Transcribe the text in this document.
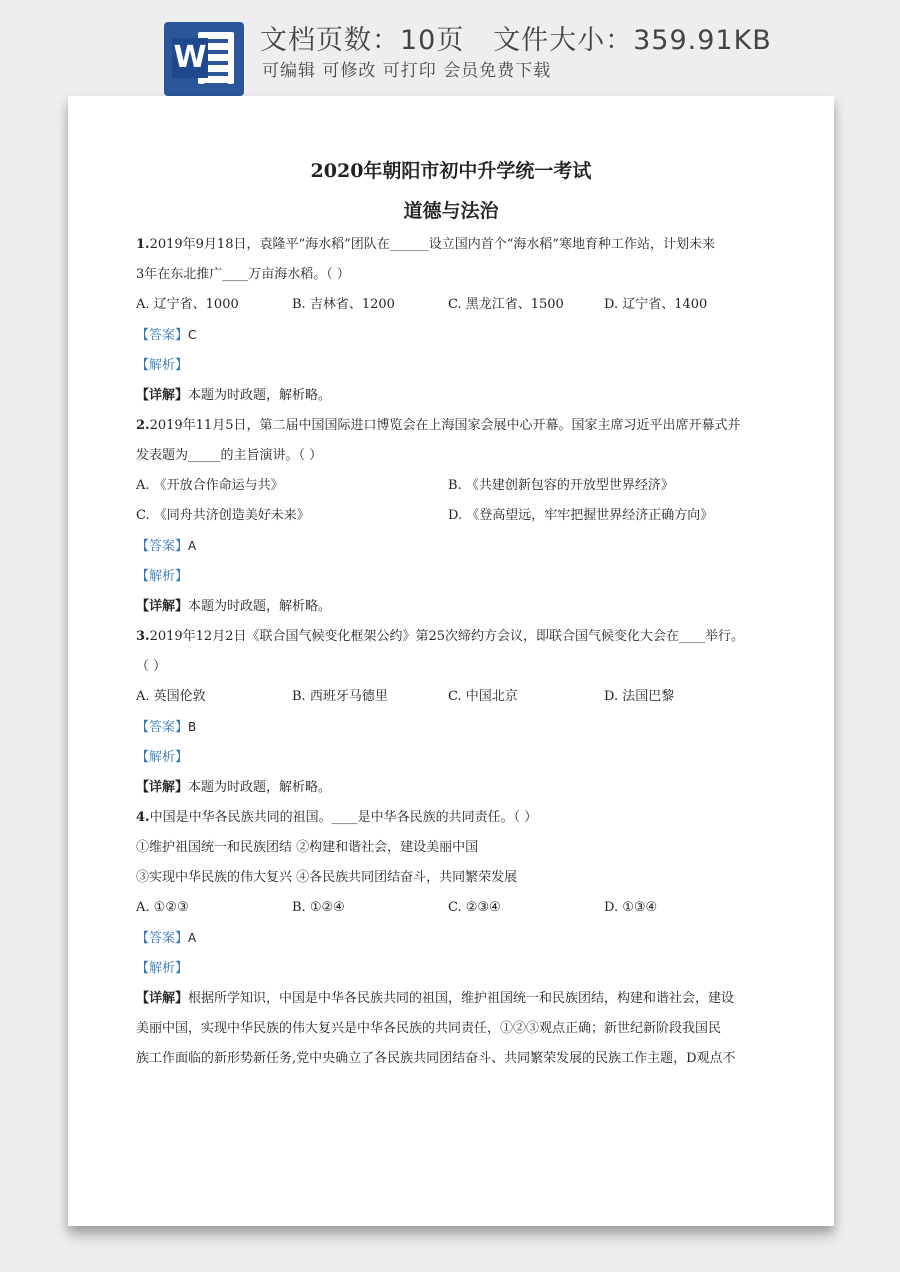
W 文档页数：10页   文件大小：359.91KB
可编辑 可修改 可打印 会员免费下载
2020年朝阳市初中升学统一考试
道德与法治
1.2019年9月18日，袁隆平“海水稻”团队在______设立国内首个“海水稻”寒地育种工作站，计划未来
3年在东北推广____万亩海水稻。（ ）
A. 辽宁省、1000	B. 吉林省、1200	C. 黑龙江省、1500	D. 辽宁省、1400
【答案】C
【解析】
【详解】本题为时政题，解析略。
2.2019年11月5日，第二届中国国际进口博览会在上海国家会展中心开幕。国家主席习近平出席开幕式并
发表题为_____的主旨演讲。（ ）
A. 《开放合作命运与共》	B. 《共建创新包容的开放型世界经济》
C. 《同舟共济创造美好未来》	D. 《登高望远，牢牢把握世界经济正确方向》
【答案】A
【解析】
【详解】本题为时政题，解析略。
3.2019年12月2日《联合国气候变化框架公约》第25次缔约方会议，即联合国气候变化大会在____举行。
（ ）
A. 英国伦敦	B. 西班牙马德里	C. 中国北京	D. 法国巴黎
【答案】B
【解析】
【详解】本题为时政题，解析略。
4.中国是中华各民族共同的祖国。____是中华各民族的共同责任。（ ）
①维护祖国统一和民族团结 ②构建和谐社会，建设美丽中国
③实现中华民族的伟大复兴 ④各民族共同团结奋斗，共同繁荣发展
A. ①②③	B. ①②④	C. ②③④	D. ①③④
【答案】A
【解析】
【详解】根据所学知识，中国是中华各民族共同的祖国，维护祖国统一和民族团结，构建和谐社会，建设
美丽中国，实现中华民族的伟大复兴是中华各民族的共同责任，①②③观点正确；新世纪新阶段我国民
族工作面临的新形势新任务,党中央确立了各民族共同团结奋斗、共同繁荣发展的民族工作主题，D观点不
